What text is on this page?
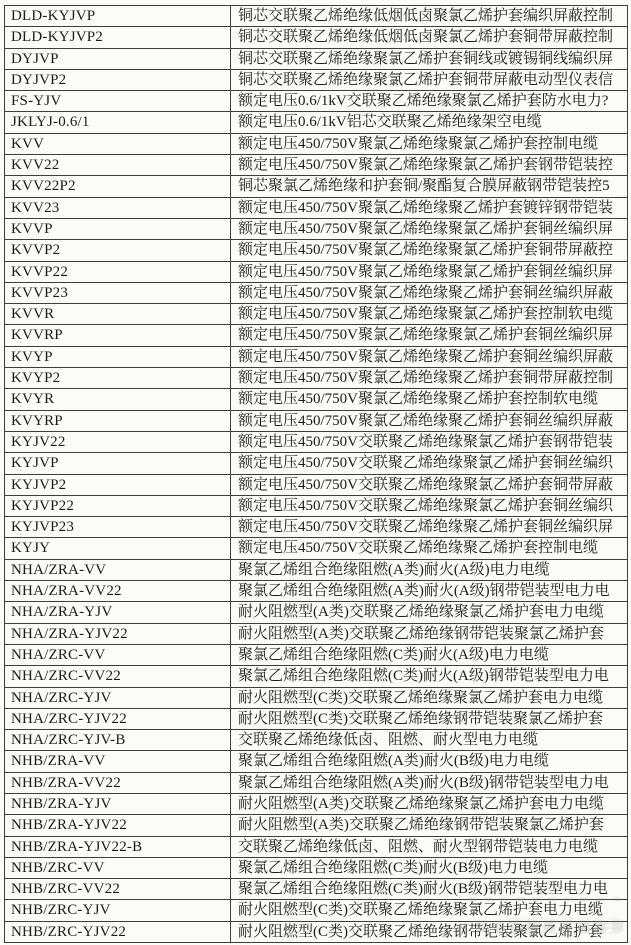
DLD-KYJVP	铜芯交联聚乙烯绝缘低烟低卤聚氯乙烯护套编织屏蔽控制
DLD-KYJVP2	铜芯交联聚乙烯绝缘低烟低卤聚氯乙烯护套铜带屏蔽控制
DYJVP	铜芯交联聚乙烯绝缘聚氯乙烯护套铜线或镀锡铜线编织屏
DYJVP2	铜芯交联聚乙烯绝缘聚氯乙烯护套铜带屏蔽电动型仪表信
FS-YJV	额定电压0.6/1kV交联聚乙烯绝缘聚氯乙烯护套防水电力?
JKLYJ-0.6/1	额定电压0.6/1kV铝芯交联聚乙烯绝缘架空电缆
KVV	额定电压450/750V聚氯乙烯绝缘聚氯乙烯护套控制电缆
KVV22	额定电压450/750V聚氯乙烯绝缘聚氯乙烯护套钢带铠装控
KVV22P2	铜芯聚氯乙烯绝缘和护套铜/聚酯复合膜屏蔽钢带铠装控5
KVV23	额定电压450/750V聚氯乙烯绝缘聚乙烯护套镀锌钢带铠装
KVVP	额定电压450/750V聚氯乙烯绝缘聚氯乙烯护套铜丝编织屏
KVVP2	额定电压450/750V聚氯乙烯绝缘聚氯乙烯护套铜带屏蔽控
KVVP22	额定电压450/750V聚氯乙烯绝缘聚氯乙烯护套铜丝编织屏
KVVP23	额定电压450/750V聚氯乙烯绝缘聚乙烯护套铜丝编织屏蔽
KVVR	额定电压450/750V聚氯乙烯绝缘聚氯乙烯护套控制软电缆
KVVRP	额定电压450/750V聚氯乙烯绝缘聚氯乙烯护套铜丝编织屏
KVYP	额定电压450/750V聚氯乙烯绝缘聚乙烯护套铜丝编织屏蔽
KVYP2	额定电压450/750V聚氯乙烯绝缘聚乙烯护套铜带屏蔽控制
KVYR	额定电压450/750V聚氯乙烯绝缘聚乙烯护套控制软电缆
KVYRP	额定电压450/750V聚氯乙烯绝缘聚乙烯护套铜丝编织屏蔽
KYJV22	额定电压450/750V交联聚乙烯绝缘聚氯乙烯护套钢带铠装
KYJVP	额定电压450/750V交联聚乙烯绝缘聚氯乙烯护套铜丝编织
KYJVP2	额定电压450/750V交联聚乙烯绝缘聚氯乙烯护套铜带屏蔽
KYJVP22	额定电压450/750V交联聚乙烯绝缘聚氯乙烯护套铜丝编织
KYJVP23	额定电压450/750V交联聚乙烯绝缘聚乙烯护套铜丝编织屏
KYJY	额定电压450/750V交联聚乙烯绝缘聚乙烯护套控制电缆
NHA/ZRA-VV	聚氯乙烯组合绝缘阻燃(A类)耐火(A级)电力电缆
NHA/ZRA-VV22	聚氯乙烯组合绝缘阻燃(A类)耐火(A级)钢带铠装型电力电
NHA/ZRA-YJV	耐火阻燃型(A类)交联聚乙烯绝缘聚氯乙烯护套电力电缆
NHA/ZRA-YJV22	耐火阻燃型(A类)交联聚乙烯绝缘钢带铠装聚氯乙烯护套
NHA/ZRC-VV	聚氯乙烯组合绝缘阻燃(C类)耐火(A级)电力电缆
NHA/ZRC-VV22	聚氯乙烯组合绝缘阻燃(C类)耐火(A级)钢带铠装型电力电
NHA/ZRC-YJV	耐火阻燃型(C类)交联聚乙烯绝缘聚氯乙烯护套电力电缆
NHA/ZRC-YJV22	耐火阻燃型(C类)交联聚乙烯绝缘钢带铠装聚氯乙烯护套
NHA/ZRC-YJV-B	交联聚乙烯绝缘低卤、阻燃、耐火型电力电缆
NHB/ZRA-VV	聚氯乙烯组合绝缘阻燃(A类)耐火(B级)电力电缆
NHB/ZRA-VV22	聚氯乙烯组合绝缘阻燃(A类)耐火(B级)钢带铠装型电力电
NHB/ZRA-YJV	耐火阻燃型(A类)交联聚乙烯绝缘聚氯乙烯护套电力电缆
NHB/ZRA-YJV22	耐火阻燃型(A类)交联聚乙烯绝缘钢带铠装聚氯乙烯护套
NHB/ZRA-YJV22-B	交联聚乙烯绝缘低卤、阻燃、耐火型钢带铠装电力电缆
NHB/ZRC-VV	聚氯乙烯组合绝缘阻燃(C类)耐火(B级)电力电缆
NHB/ZRC-VV22	聚氯乙烯组合绝缘阻燃(C类)耐火(B级)钢带铠装型电力电
NHB/ZRC-YJV	耐火阻燃型(C类)交联聚乙烯绝缘聚氯乙烯护套电力电缆
NHB/ZRC-YJV22	耐火阻燃型(C类)交联聚乙烯绝缘钢带铠装聚氯乙烯护套
